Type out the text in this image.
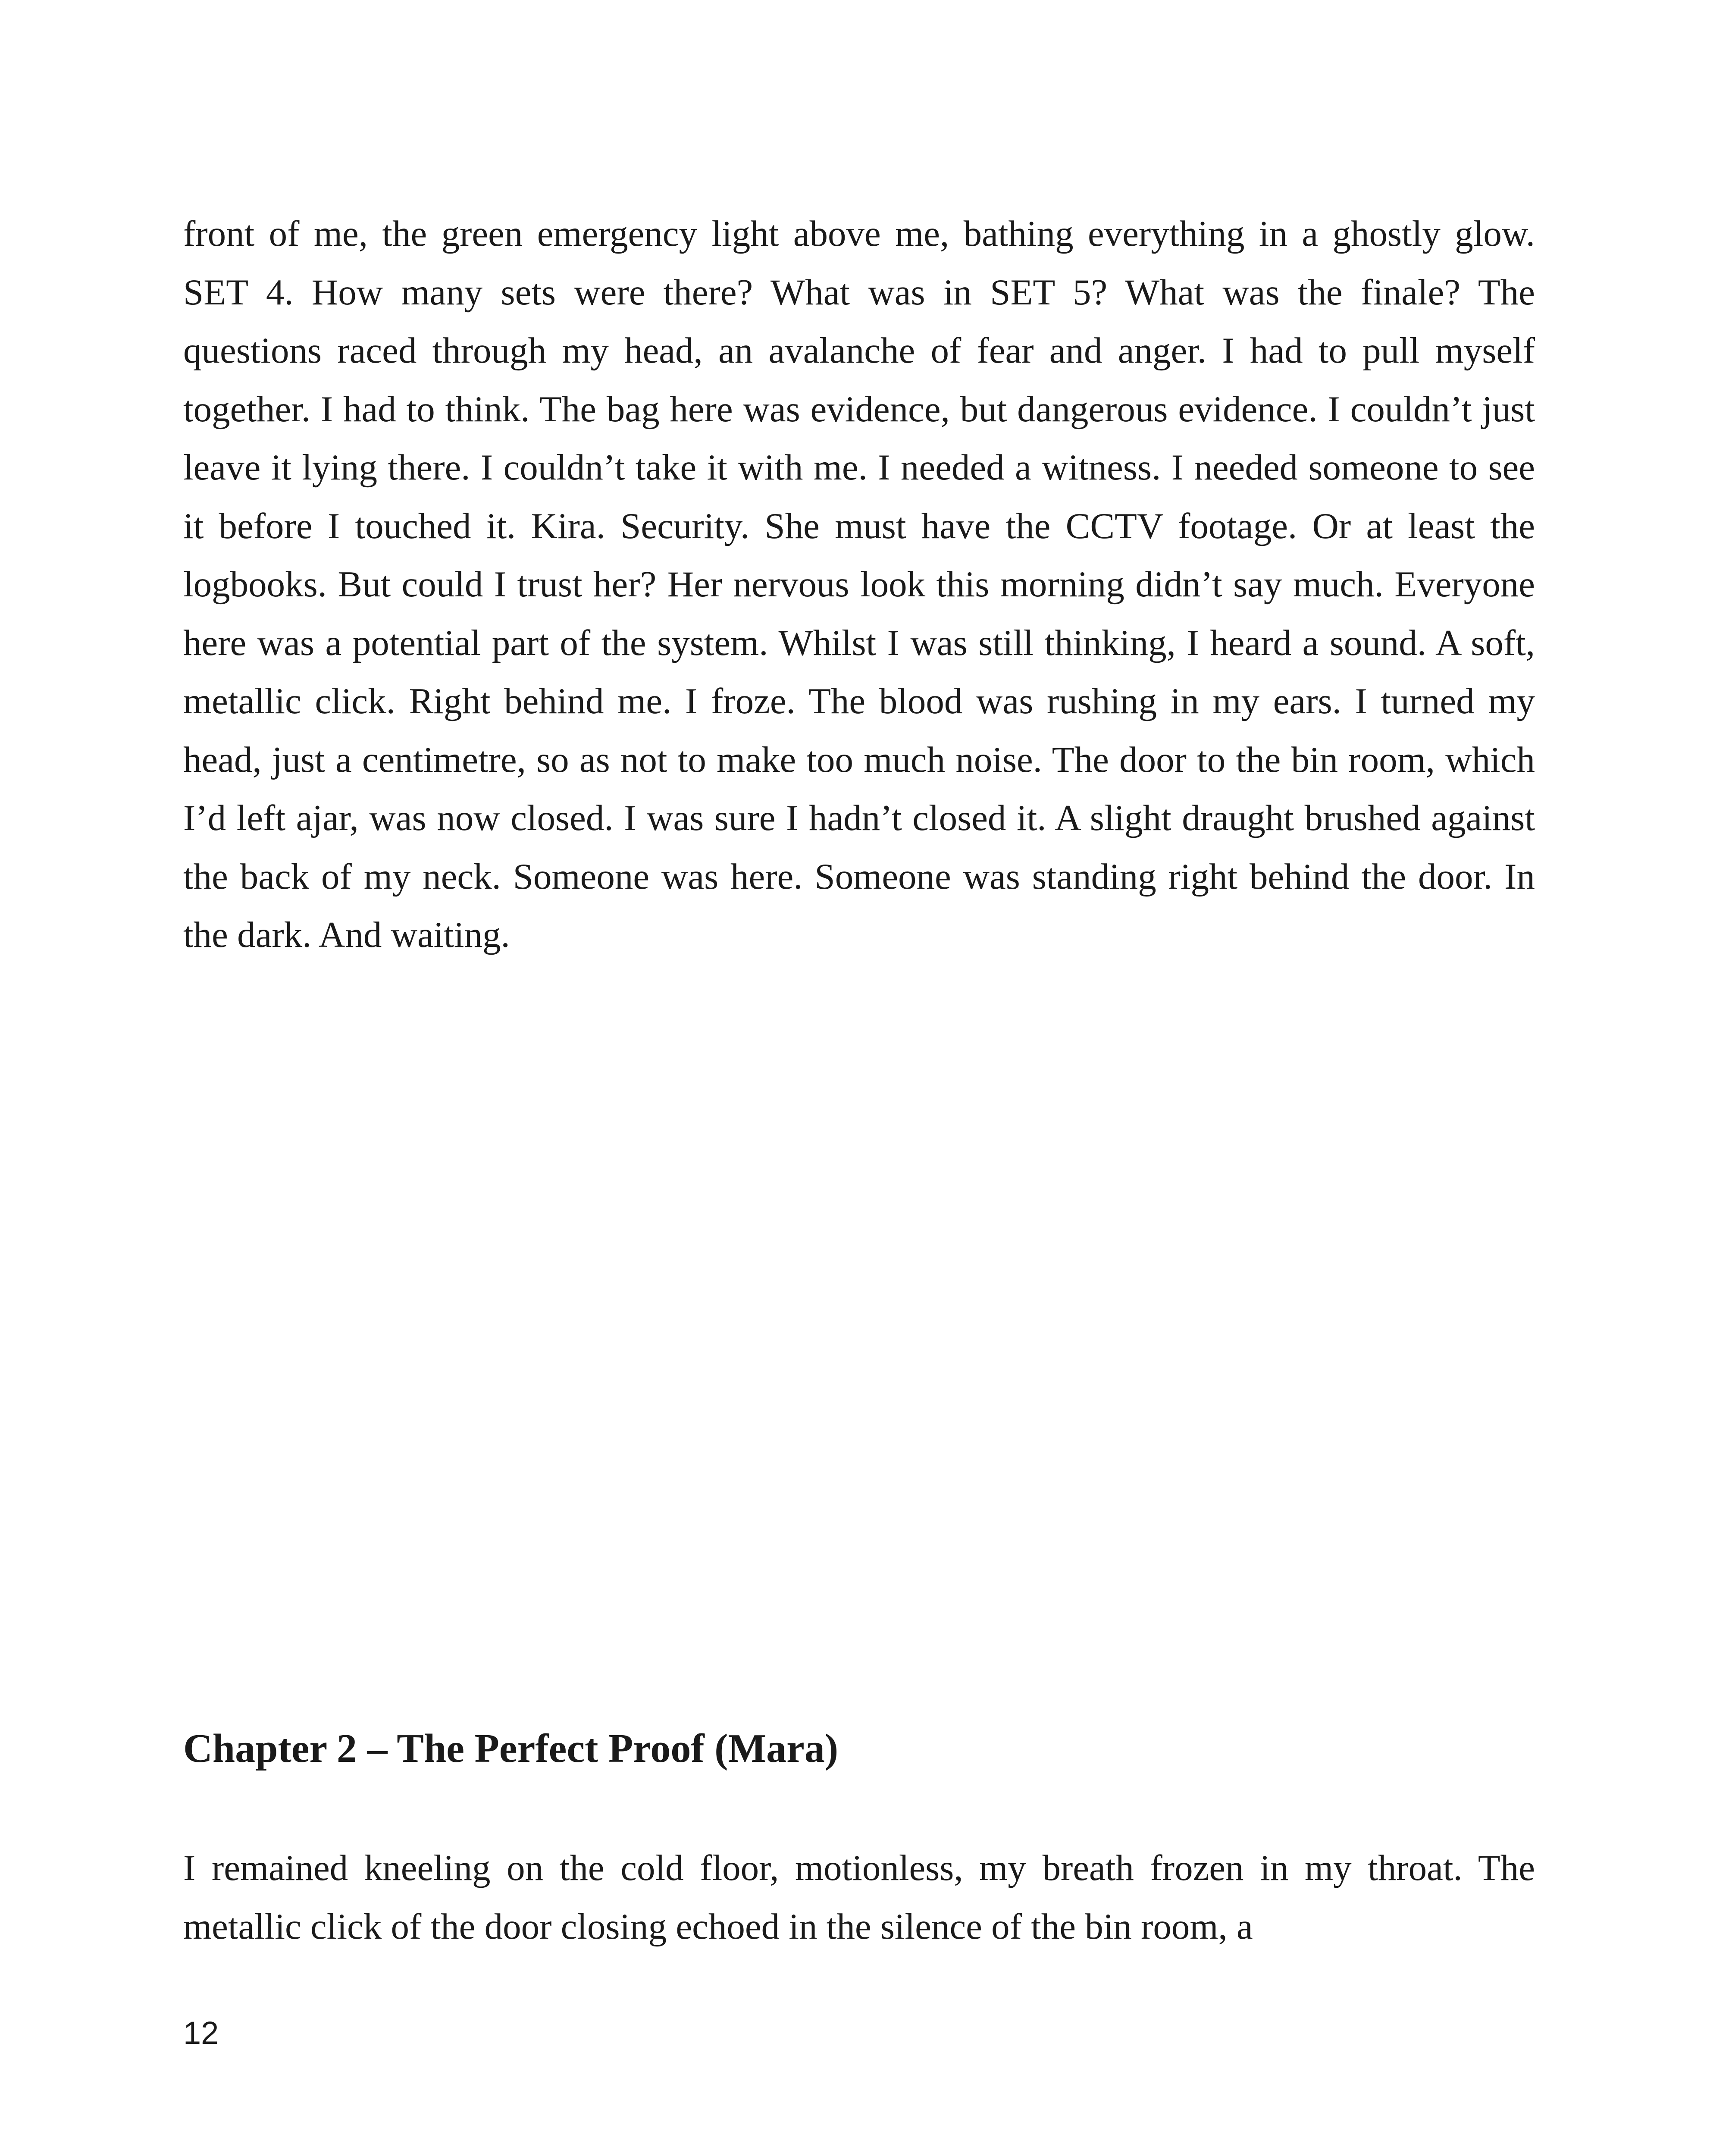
front of me, the green emergency light above me, bathing everything in a ghostly glow. SET 4. How many sets were there? What was in SET 5? What was the finale? The questions raced through my head, an avalanche of fear and anger. I had to pull myself together. I had to think. The bag here was evidence, but dangerous evidence. I couldn’t just leave it lying there. I couldn’t take it with me. I needed a witness. I needed someone to see it before I touched it. Kira. Security. She must have the CCTV footage. Or at least the logbooks. But could I trust her? Her nervous look this morning didn’t say much. Everyone here was a potential part of the system. Whilst I was still thinking, I heard a sound. A soft, metallic click. Right behind me. I froze. The blood was rushing in my ears. I turned my head, just a centimetre, so as not to make too much noise. The door to the bin room, which I’d left ajar, was now closed. I was sure I hadn’t closed it. A slight draught brushed against the back of my neck. Someone was here. Someone was standing right behind the door. In the dark. And waiting.

Chapter 2 – The Perfect Proof (Mara)

I remained kneeling on the cold floor, motionless, my breath frozen in my throat. The metallic click of the door closing echoed in the silence of the bin room, a

12
